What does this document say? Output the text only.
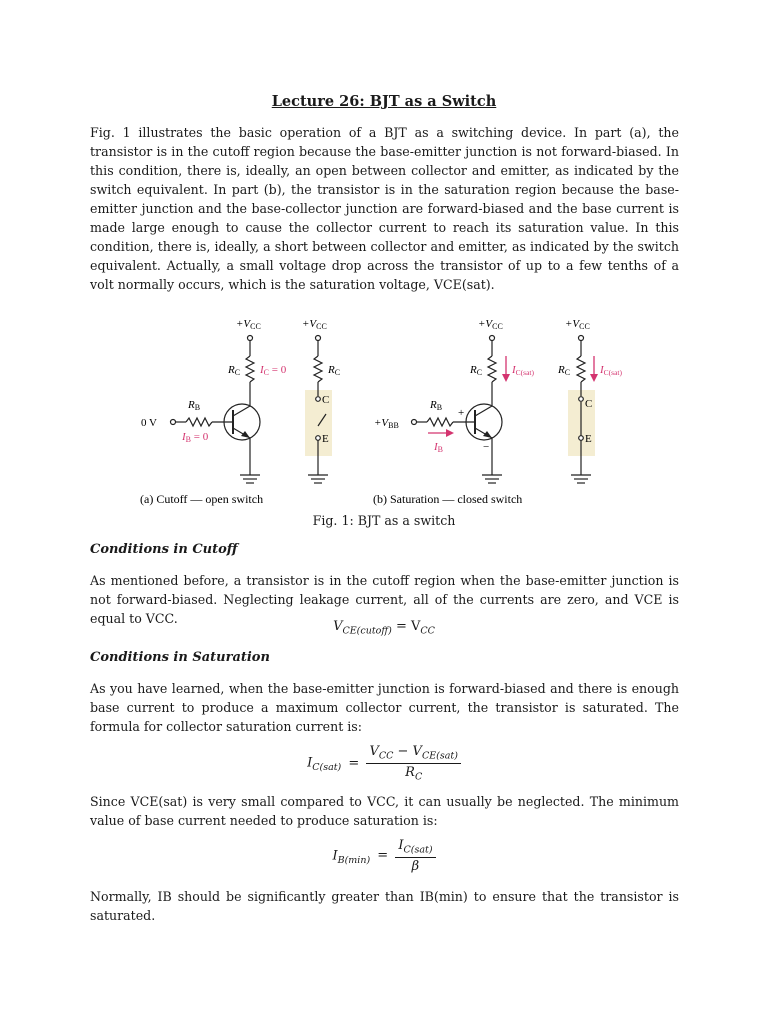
Lecture 26: BJT as a Switch

Fig. 1 illustrates the basic operation of a BJT as a switching device. In part (a), the transistor is in the cutoff region because the base-emitter junction is not forward-biased. In this condition, there is, ideally, an open between collector and emitter, as indicated by the switch equivalent. In part (b), the transistor is in the saturation region because the base-emitter junction and the base-collector junction are forward-biased and the base current is made large enough to cause the collector current to reach its saturation value. In this condition, there is, ideally, a short between collector and emitter, as indicated by the switch equivalent. Actually, a small voltage drop across the transistor of up to a few tenths of a volt normally occurs, which is the saturation voltage, VCE(sat).

+VCC
RC IC = 0
RB
0 V
IB = 0
+VCC
RC
C
E
+VCC
RC	IC(sat)
RB
+VBB
IB
+
−
+VCC
RC	IC(sat)
C
E
(a) Cutoff — open switch	(b) Saturation — closed switch
Fig. 1: BJT as a switch
Conditions in Cutoff

As mentioned before, a transistor is in the cutoff region when the base-emitter junction is not forward-biased. Neglecting leakage current, all of the currents are zero, and VCE is equal to VCC.

$V_{CE(cutoff)} = V_{CC}$
Conditions in Saturation

As you have learned, when the base-emitter junction is forward-biased and there is enough base current to produce a maximum collector current, the transistor is saturated. The formula for collector saturation current is:

$I_{C(sat)} = \frac{V_{CC} - V_{CE(sat)}}{R_C}$

Since VCE(sat) is very small compared to VCC, it can usually be neglected. The minimum value of base current needed to produce saturation is:

$I_{B(min)} = \frac{I_{C(sat)}}{\beta}$

Normally, IB should be significantly greater than IB(min) to ensure that the transistor is saturated.
